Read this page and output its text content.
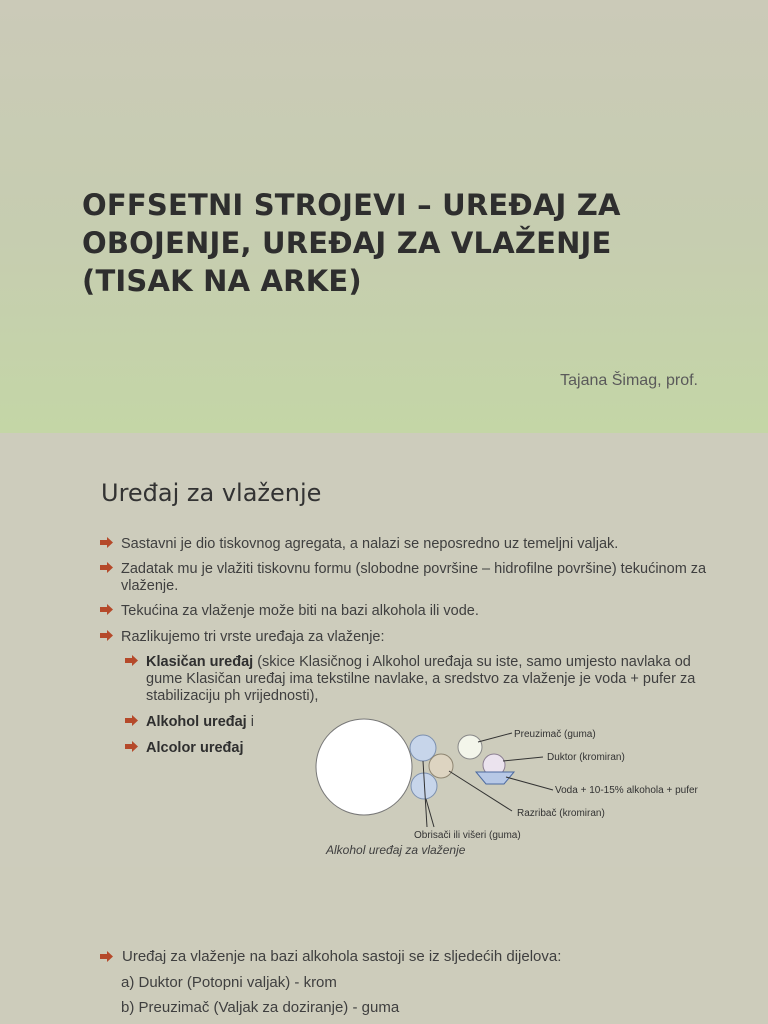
OFFSETNI STROJEVI – UREĐAJ ZA
OBOJENJE, UREĐAJ ZA VLAŽENJE
(TISAK NA ARKE)
Tajana Šimag, prof.
Uređaj za vlaženje
Sastavni je dio tiskovnog agregata, a nalazi se neposredno uz temeljni valjak.
Zadatak mu je vlažiti tiskovnu formu (slobodne površine – hidrofilne površine) tekućinom za vlaženje.
Tekućina za vlaženje može biti na bazi alkohola ili vode.
Razlikujemo tri vrste uređaja za vlaženje:
Klasičan uređaj (skice Klasičnog i Alkohol uređaja su iste, samo umjesto navlaka od gume Klasičan uređaj ima tekstilne navlake, a sredstvo za vlaženje je voda + pufer za stabilizaciju ph vrijednosti),
Alkohol uređaj i
Alcolor uređaj
Preuzimač (guma)
Duktor (kromiran)
Voda + 10-15% alkohola + pufer
Razribač (kromiran)
Obrisači ili višeri (guma)
Alkohol uređaj za vlaženje
Uređaj za vlaženje na bazi alkohola sastoji se iz sljedećih dijelova:
a) Duktor (Potopni valjak) - krom
b) Preuzimač (Valjak za doziranje) - guma
